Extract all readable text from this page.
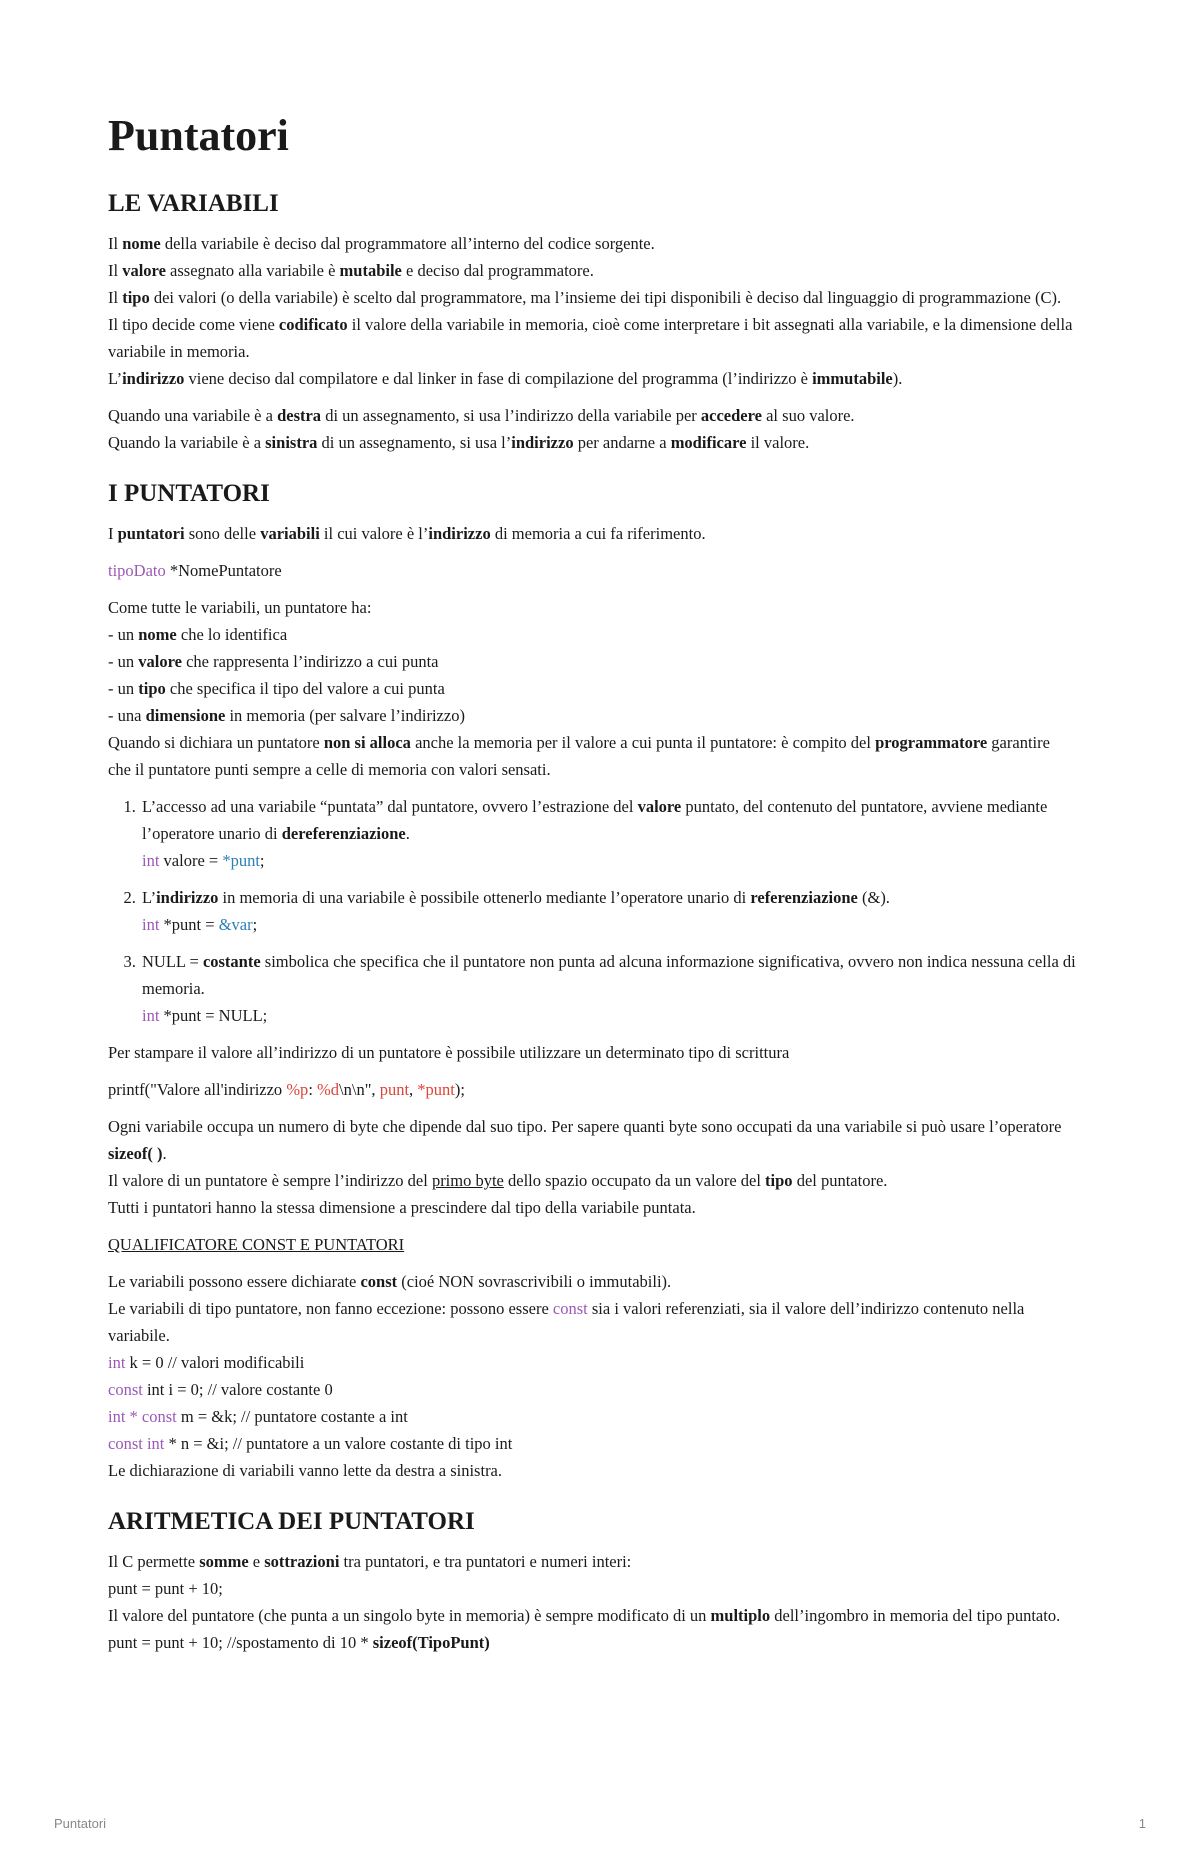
Puntatori
LE VARIABILI

Il nome della variabile è deciso dal programmatore all’interno del codice sorgente.

Il valore assegnato alla variabile è mutabile e deciso dal programmatore.

Il tipo dei valori (o della variabile) è scelto dal programmatore, ma l’insieme dei tipi disponibili è deciso dal linguaggio di programmazione (C).

Il tipo decide come viene codificato il valore della variabile in memoria, cioè come interpretare i bit assegnati alla variabile, e la dimensione della variabile in memoria.

L’indirizzo viene deciso dal compilatore e dal linker in fase di compilazione del programma (l’indirizzo è immutabile).

Quando una variabile è a destra di un assegnamento, si usa l’indirizzo della variabile per accedere al suo valore.

Quando la variabile è a sinistra di un assegnamento, si usa l’indirizzo per andarne a modificare il valore.

I PUNTATORI

I puntatori sono delle variabili il cui valore è l’indirizzo di memoria a cui fa riferimento.

tipoDato *NomePuntatore

Come tutte le variabili, un puntatore ha:

- un nome che lo identifica

- un valore che rappresenta l’indirizzo a cui punta

- un tipo che specifica il tipo del valore a cui punta

- una dimensione in memoria (per salvare l’indirizzo)

Quando si dichiara un puntatore non si alloca anche la memoria per il valore a cui punta il puntatore: è compito del programmatore garantire che il puntatore punti sempre a celle di memoria con valori sensati.

1. L’accesso ad una variabile “puntata” dal puntatore, ovvero l’estrazione del valore puntato, del contenuto del puntatore, avviene mediante l’operatore unario di dereferenziazione.
int valore = *punt;
2. L’indirizzo in memoria di una variabile è possibile ottenerlo mediante l’operatore unario di referenziazione (&).
int *punt = &var;
3. NULL = costante simbolica che specifica che il puntatore non punta ad alcuna informazione significativa, ovvero non indica nessuna cella di memoria.
int *punt = NULL;

Per stampare il valore all’indirizzo di un puntatore è possibile utilizzare un determinato tipo di scrittura

printf("Valore all'indirizzo %p: %d\n\n", punt, *punt);

Ogni variabile occupa un numero di byte che dipende dal suo tipo. Per sapere quanti byte sono occupati da una variabile si può usare l’operatore sizeof( ).

Il valore di un puntatore è sempre l’indirizzo del primo byte dello spazio occupato da un valore del tipo del puntatore.

Tutti i puntatori hanno la stessa dimensione a prescindere dal tipo della variabile puntata.

QUALIFICATORE CONST E PUNTATORI

Le variabili possono essere dichiarate const (cioé NON sovrascrivibili o immutabili).

Le variabili di tipo puntatore, non fanno eccezione: possono essere const sia i valori referenziati, sia il valore dell’indirizzo contenuto nella variabile.

int k = 0 // valori modificabili

const int i = 0; // valore costante 0

int * const m = &k; // puntatore costante a int

const int * n = &i; // puntatore a un valore costante di tipo int

Le dichiarazione di variabili vanno lette da destra a sinistra.

ARITMETICA DEI PUNTATORI

Il C permette somme e sottrazioni tra puntatori, e tra puntatori e numeri interi:

punt = punt + 10;

Il valore del puntatore (che punta a un singolo byte in memoria) è sempre modificato di un multiplo dell’ingombro in memoria del tipo puntato.

punt = punt + 10; //spostamento di 10 * sizeof(TipoPunt)

Puntatori	1
